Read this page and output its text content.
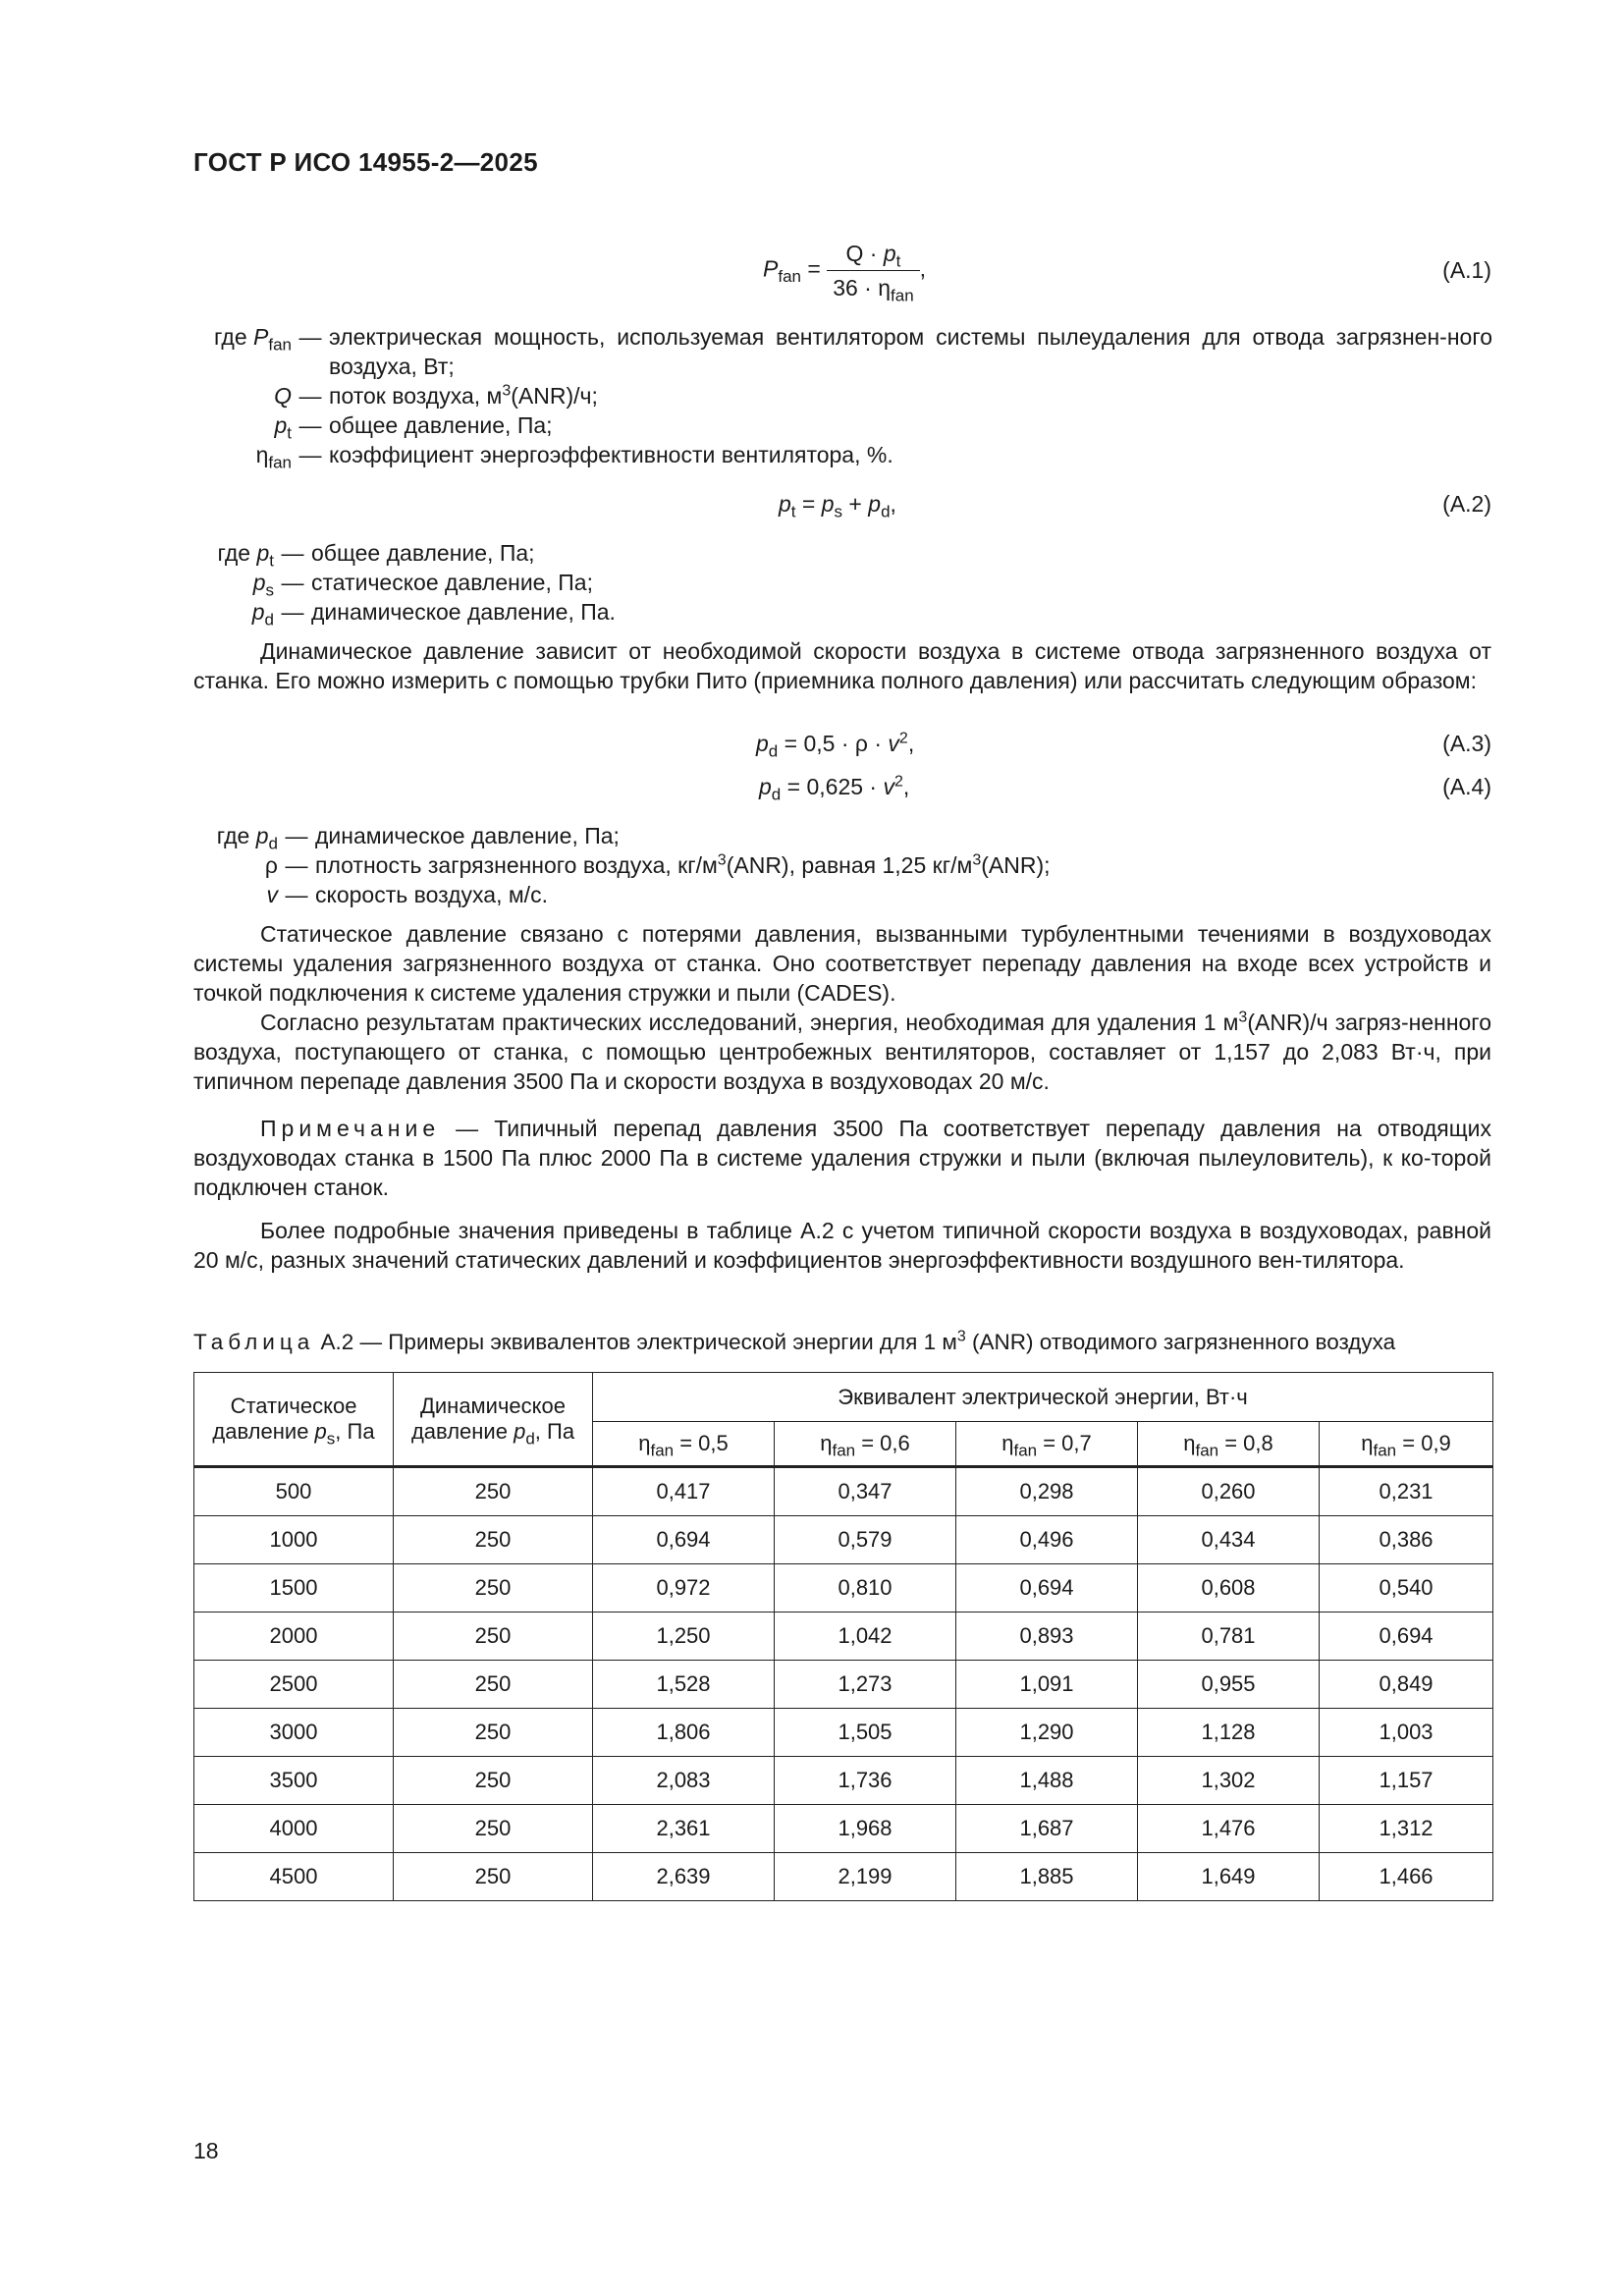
ГОСТ Р ИСО 14955-2—2025
$P_{fan} = \frac{Q \cdot p_t}{36 \cdot \eta_{fan}}$ ,	(A.1)
где $P_{fan}$ — электрическая мощность, используемая вентилятором системы пылеудаления для отвода загрязнен-ного воздуха, Вт;
Q — поток воздуха, $м^3(ANR)/ч$;
$p_t$ — общее давление, Па;
$\eta_{fan}$ — коэффициент энергоэффективности вентилятора, %.
$p_t = p_s + p_d$,	(A.2)
где $p_t$ — общее давление, Па;
$p_s$ — статическое давление, Па;
$p_d$ — динамическое давление, Па.
Динамическое давление зависит от необходимой скорости воздуха в системе отвода загрязненного воздуха от станка. Его можно измерить с помощью трубки Пито (приемника полного давления) или рассчитать следующим образом:
$p_d = 0,5 \cdot \rho \cdot v^2$,	(A.3)
$p_d = 0,625 \cdot v^2$,	(A.4)
где $p_d$ — динамическое давление, Па;
ρ — плотность загрязненного воздуха, $кг/м^3(ANR)$, равная 1,25 $кг/м^3(ANR)$;
v — скорость воздуха, м/с.
Статическое давление связано с потерями давления, вызванными турбулентными течениями в воздуховодах системы удаления загрязненного воздуха от станка. Оно соответствует перепаду давления на входе всех устройств и точкой подключения к системе удаления стружки и пыли (CADES).
Согласно результатам практических исследований, энергия, необходимая для удаления 1 $м^3(ANR)/ч$ загряз-ненного воздуха, поступающего от станка, с помощью центробежных вентиляторов, составляет от 1,157 до 2,083 Вт·ч, при типичном перепаде давления 3500 Па и скорости воздуха в воздуховодах 20 м/с.
Примечание — Типичный перепад давления 3500 Па соответствует перепаду давления на отводящих воздуховодах станка в 1500 Па плюс 2000 Па в системе удаления стружки и пыли (включая пылеуловитель), к ко-торой подключен станок.
Более подробные значения приведены в таблице А.2 с учетом типичной скорости воздуха в воздуховодах, равной 20 м/с, разных значений статических давлений и коэффициентов энергоэффективности воздушного вен-тилятора.
Таблица А.2 — Примеры эквивалентов электрической энергии для 1 $м^3$ (ANR) отводимого загрязненного воздуха
Статическое давление $p_s$, Па	Динамическое давление $p_d$, Па	Эквивалент электрической энергии, Вт·ч				
		$\eta_{fan} = 0,5$	$\eta_{fan} = 0,6$	$\eta_{fan} = 0,7$	$\eta_{fan} = 0,8$	$\eta_{fan} = 0,9$
500	250	0,417	0,347	0,298	0,260	0,231
1000	250	0,694	0,579	0,496	0,434	0,386
1500	250	0,972	0,810	0,694	0,608	0,540
2000	250	1,250	1,042	0,893	0,781	0,694
2500	250	1,528	1,273	1,091	0,955	0,849
3000	250	1,806	1,505	1,290	1,128	1,003
3500	250	2,083	1,736	1,488	1,302	1,157
4000	250	2,361	1,968	1,687	1,476	1,312
4500	250	2,639	2,199	1,885	1,649	1,466
18
